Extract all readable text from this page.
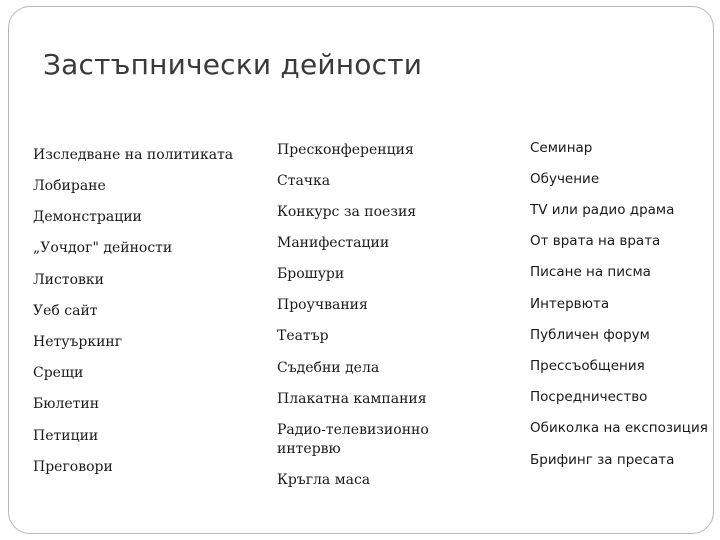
Застъпнически дейности

Изследване на политиката

Лобиране

Демонстрации

„Уочдог" дейности

Листовки

Уеб сайт

Нетуъркинг

Срещи

Бюлетин

Петиции

Преговори

Пресконференция

Стачка

Конкурс за поезия

Манифестации

Брошури

Проучвания

Театър

Съдебни дела

Плакатна кампания

Радио-телевизионно интервю

Кръгла маса

Семинар

Обучение

TV или радио драма

От врата на врата

Писане на писма

Интервюта

Публичен форум

Прессъобщения

Посредничество

Обиколка на експозиция

Брифинг за пресата
